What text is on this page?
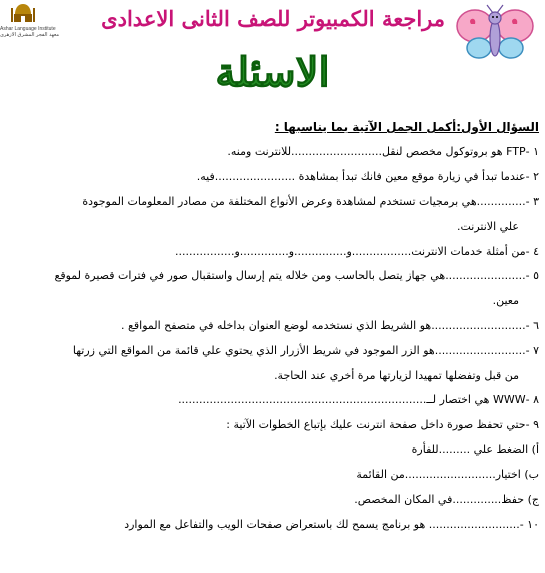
Ashar Language Institute
معهد الفجر المشرق الازهرى
مراجعة الكمبيوتر للصف الثانى الاعدادى
الاسئلة
السؤال الأول:أكمل الجمل الآتية بما يناسبها :
١ -FTP هو بروتوكول مخصص لنقل..........................للانترنت ومنه.
٢ -عندما تبدأ في زيارة موقع معين فانك تبدأ بمشاهدة .......................فيه.
٣ -..............هي برمجيات تستخدم لمشاهدة وعرض الأنواع المختلفة من مصادر المعلومات الموجودة
علي الانترنت.
٤ -من أمثلة خدمات الانترنت.................و...............و..............و.................
٥ -.......................هي جهاز يتصل بالحاسب ومن خلاله يتم إرسال واستقبال صور في فترات قصيرة لموقع
معين.
٦ -...........................هو الشريط الذي نستخدمه لوضع العنوان بداخله في متصفح المواقع .
٧ -..........................هو الزر الموجود في شريط الأزرار الذي يحتوي علي قائمة من المواقع التي زرتها
من قبل وتفضلها تمهيدا لزيارتها مرة أخري عند الحاجة.
٨ -WWW هي اختصار لــ.......................................................................
٩ -حتي تحفظ صورة داخل صفحة انترنت عليك بإتباع الخطوات الآتية :
أ) الضغط علي .........للفأرة
ب) اختيار..........................من القائمة
ج) حفظ..............في المكان المخصص.
١٠ -.......................... هو برنامج يسمح لك باستعراض صفحات الويب والتفاعل مع الموارد
